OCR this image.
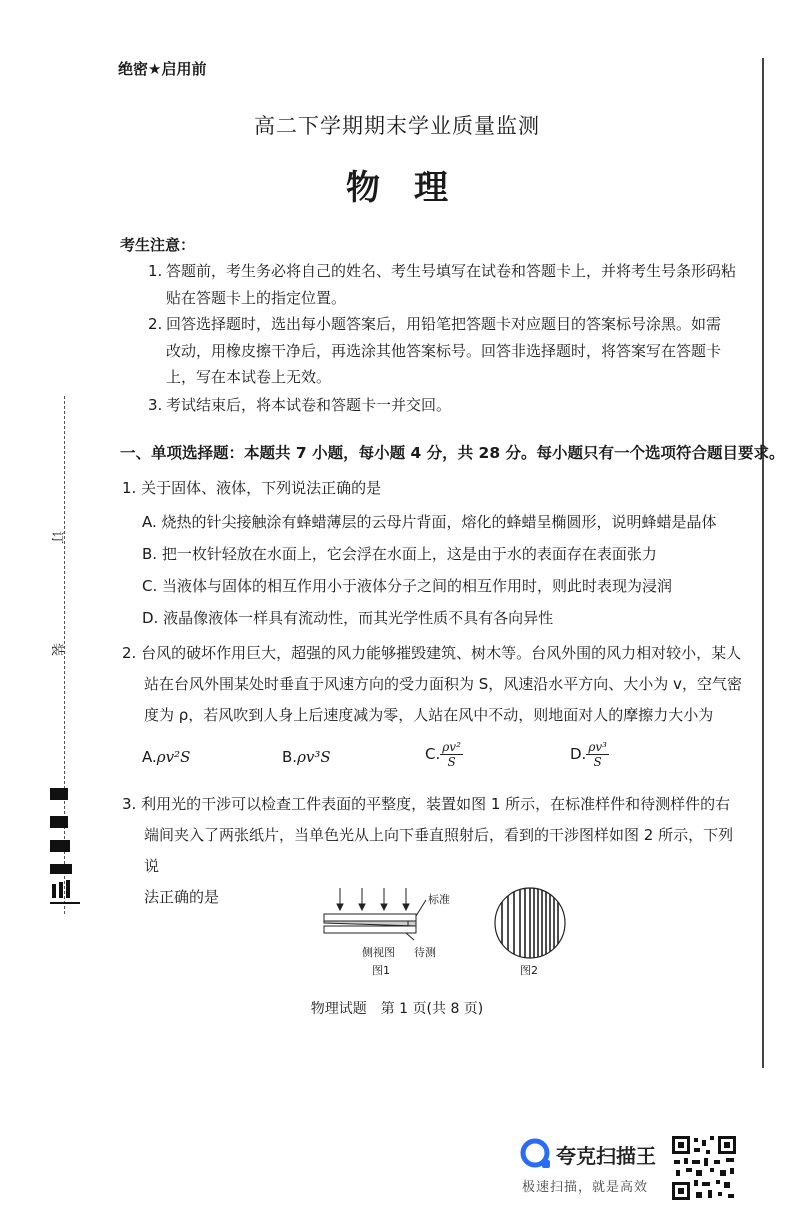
绝密★启用前
高二下学期期末学业质量监测
物理
订
装
考生注意：
1. 答题前，考生务必将自己的姓名、考生号填写在试卷和答题卡上，并将考生号条形码粘
贴在答题卡上的指定位置。
2. 回答选择题时，选出每小题答案后，用铅笔把答题卡对应题目的答案标号涂黑。如需
改动，用橡皮擦干净后，再选涂其他答案标号。回答非选择题时，将答案写在答题卡
上，写在本试卷上无效。
3. 考试结束后，将本试卷和答题卡一并交回。
一、单项选择题：本题共 7 小题，每小题 4 分，共 28 分。每小题只有一个选项符合题目要求。
1. 关于固体、液体，下列说法正确的是
A. 烧热的针尖接触涂有蜂蜡薄层的云母片背面，熔化的蜂蜡呈椭圆形，说明蜂蜡是晶体
B. 把一枚针轻放在水面上，它会浮在水面上，这是由于水的表面存在表面张力
C. 当液体与固体的相互作用小于液体分子之间的相互作用时，则此时表现为浸润
D. 液晶像液体一样具有流动性，而其光学性质不具有各向异性
2. 台风的破坏作用巨大，超强的风力能够摧毁建筑、树木等。台风外围的风力相对较小，某人
站在台风外围某处时垂直于风速方向的受力面积为 S，风速沿水平方向、大小为 v，空气密
度为 ρ，若风吹到人身上后速度减为零，人站在风中不动，则地面对人的摩擦力大小为
A.ρv²S	B.ρv³S	C. $\frac{\text{ρv²}}{S}$	D. $\frac{\text{ρv³}}{S}$
3. 利用光的干涉可以检查工件表面的平整度，装置如图 1 所示，在标准样件和待测样件的右
端间夹入了两张纸片，当单色光从上向下垂直照射后，看到的干涉图样如图 2 所示，下列说
法正确的是	标准
侧视图 待测
图1	图2
物理试题　第 1 页(共 8 页)
夸克扫描王
极速扫描，就是高效
